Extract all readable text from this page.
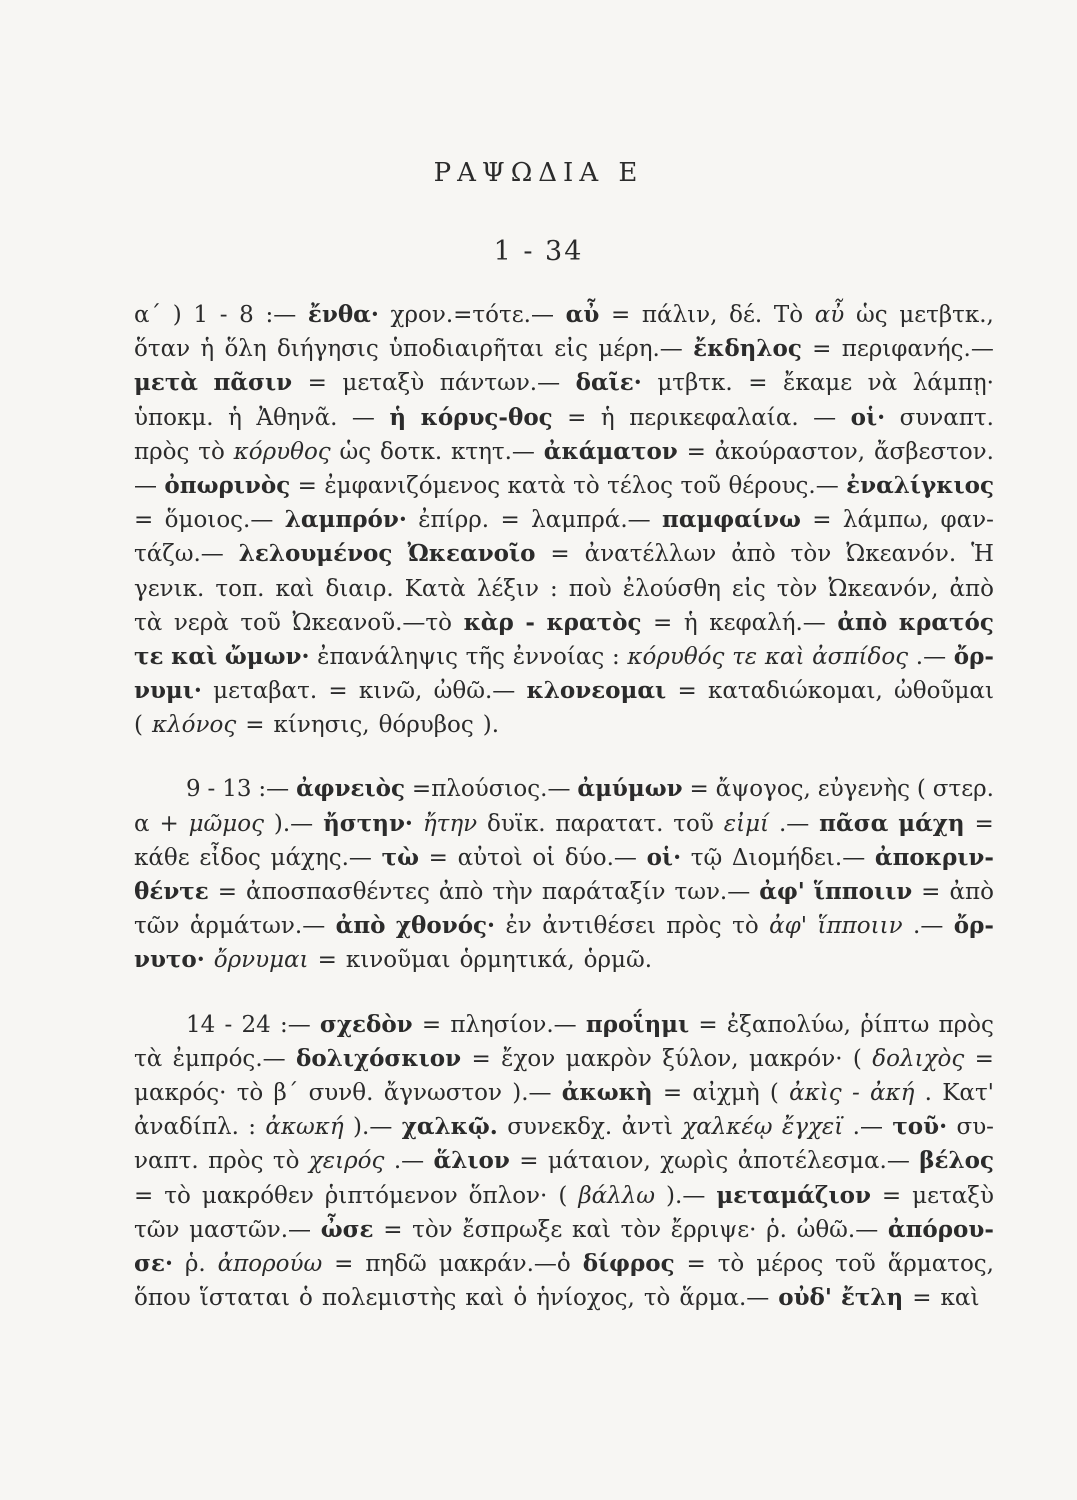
ΡΑΨΩΔΙΑ Ε
1 - 34
α΄ ) 1 - 8 :— ἔνθα· χρον.=τότε.— αὖ = πάλιν, δέ. Τὸ αὖ ὡς μετβτκ.,
ὅταν ἡ ὅλη διήγησις ὑποδιαιρῆται εἰς μέρη.— ἔκδηλος = περιφανής.—
μετὰ πᾶσιν = μεταξὺ πάντων.— δαῖε· μτβτκ. = ἔκαμε νὰ λάμπῃ·
ὑποκμ. ἡ Ἀθηνᾶ. — ἡ κόρυς-θος = ἡ περικεφαλαία. — οἱ· συναπτ.
πρὸς τὸ κόρυθος ὡς δοτκ. κτητ.— ἀκάματον = ἀκούραστον, ἄσβεστον.
— ὀπωρινὸς = ἐμφανιζόμενος κατὰ τὸ τέλος τοῦ θέρους.— ἐναλίγκιος
= ὅμοιος.— λαμπρόν· ἐπίρρ. = λαμπρά.— παμφαίνω = λάμπω, φαν-
τάζω.— λελουμένος Ὠκεανοῖο = ἀνατέλλων ἀπὸ τὸν Ὠκεανόν. Ἡ
γενικ. τοπ. καὶ διαιρ. Κατὰ λέξιν : ποὺ ἐλούσθη εἰς τὸν Ὠκεανόν, ἀπὸ
τὰ νερὰ τοῦ Ὠκεανοῦ.—τὸ κὰρ - κρατὸς = ἡ κεφαλή.— ἀπὸ κρατός
τε καὶ ὤμων· ἐπανάληψις τῆς ἐννοίας : κόρυθός τε καὶ ἀσπίδος .— ὄρ-
νυμι· μεταβατ. = κινῶ, ὠθῶ.— κλονεομαι = καταδιώκομαι, ὠθοῦμαι
( κλόνος = κίνησις, θόρυβος ).
9 - 13 :— ἀφνειὸς =πλούσιος.— ἀμύμων = ἄψογος, εὐγενὴς ( στερ.
α + μῶμος ).— ἤστην· ἤτην δυϊκ. παρατατ. τοῦ εἰμί .— πᾶσα μάχη =
κάθε εἶδος μάχης.— τὼ = αὐτοὶ οἱ δύο.— οἱ· τῷ Διομήδει.— ἀποκριν-
θέντε = ἀποσπασθέντες ἀπὸ τὴν παράταξίν των.— ἀφ' ἵπποιιν = ἀπὸ
τῶν ἁρμάτων.— ἀπὸ χθονός· ἐν ἀντιθέσει πρὸς τὸ ἀφ' ἵπποιιν .— ὄρ-
νυτο· ὄρνυμαι = κινοῦμαι ὁρμητικά, ὁρμῶ.
14 - 24 :— σχεδὸν = πλησίον.— προΐημι = ἐξαπολύω, ῥίπτω πρὸς
τὰ ἐμπρός.— δολιχόσκιον = ἔχον μακρὸν ξύλον, μακρόν· ( δολιχὸς =
μακρός· τὸ β΄ συνθ. ἄγνωστον ).— ἀκωκὴ = αἰχμὴ ( ἀκὶς - ἀκή . Κατ'
ἀναδίπλ. : ἀκωκή ).— χαλκῷ. συνεκδχ. ἀντὶ χαλκέῳ ἔγχεϊ .— τοῦ· συ-
ναπτ. πρὸς τὸ χειρός .— ἅλιον = μάταιον, χωρὶς ἀποτέλεσμα.— βέλος
= τὸ μακρόθεν ῥιπτόμενον ὅπλον· ( βάλλω ).— μεταμάζιον = μεταξὺ
τῶν μαστῶν.— ὦσε = τὸν ἔσπρωξε καὶ τὸν ἔρριψε· ῥ. ὠθῶ.— ἀπόρου-
σε· ῥ. ἀπορούω = πηδῶ μακράν.—ὁ δίφρος = τὸ μέρος τοῦ ἅρματος,
ὅπου ἵσταται ὁ πολεμιστὴς καὶ ὁ ἡνίοχος, τὸ ἅρμα.— οὐδ' ἔτλη = καὶ
